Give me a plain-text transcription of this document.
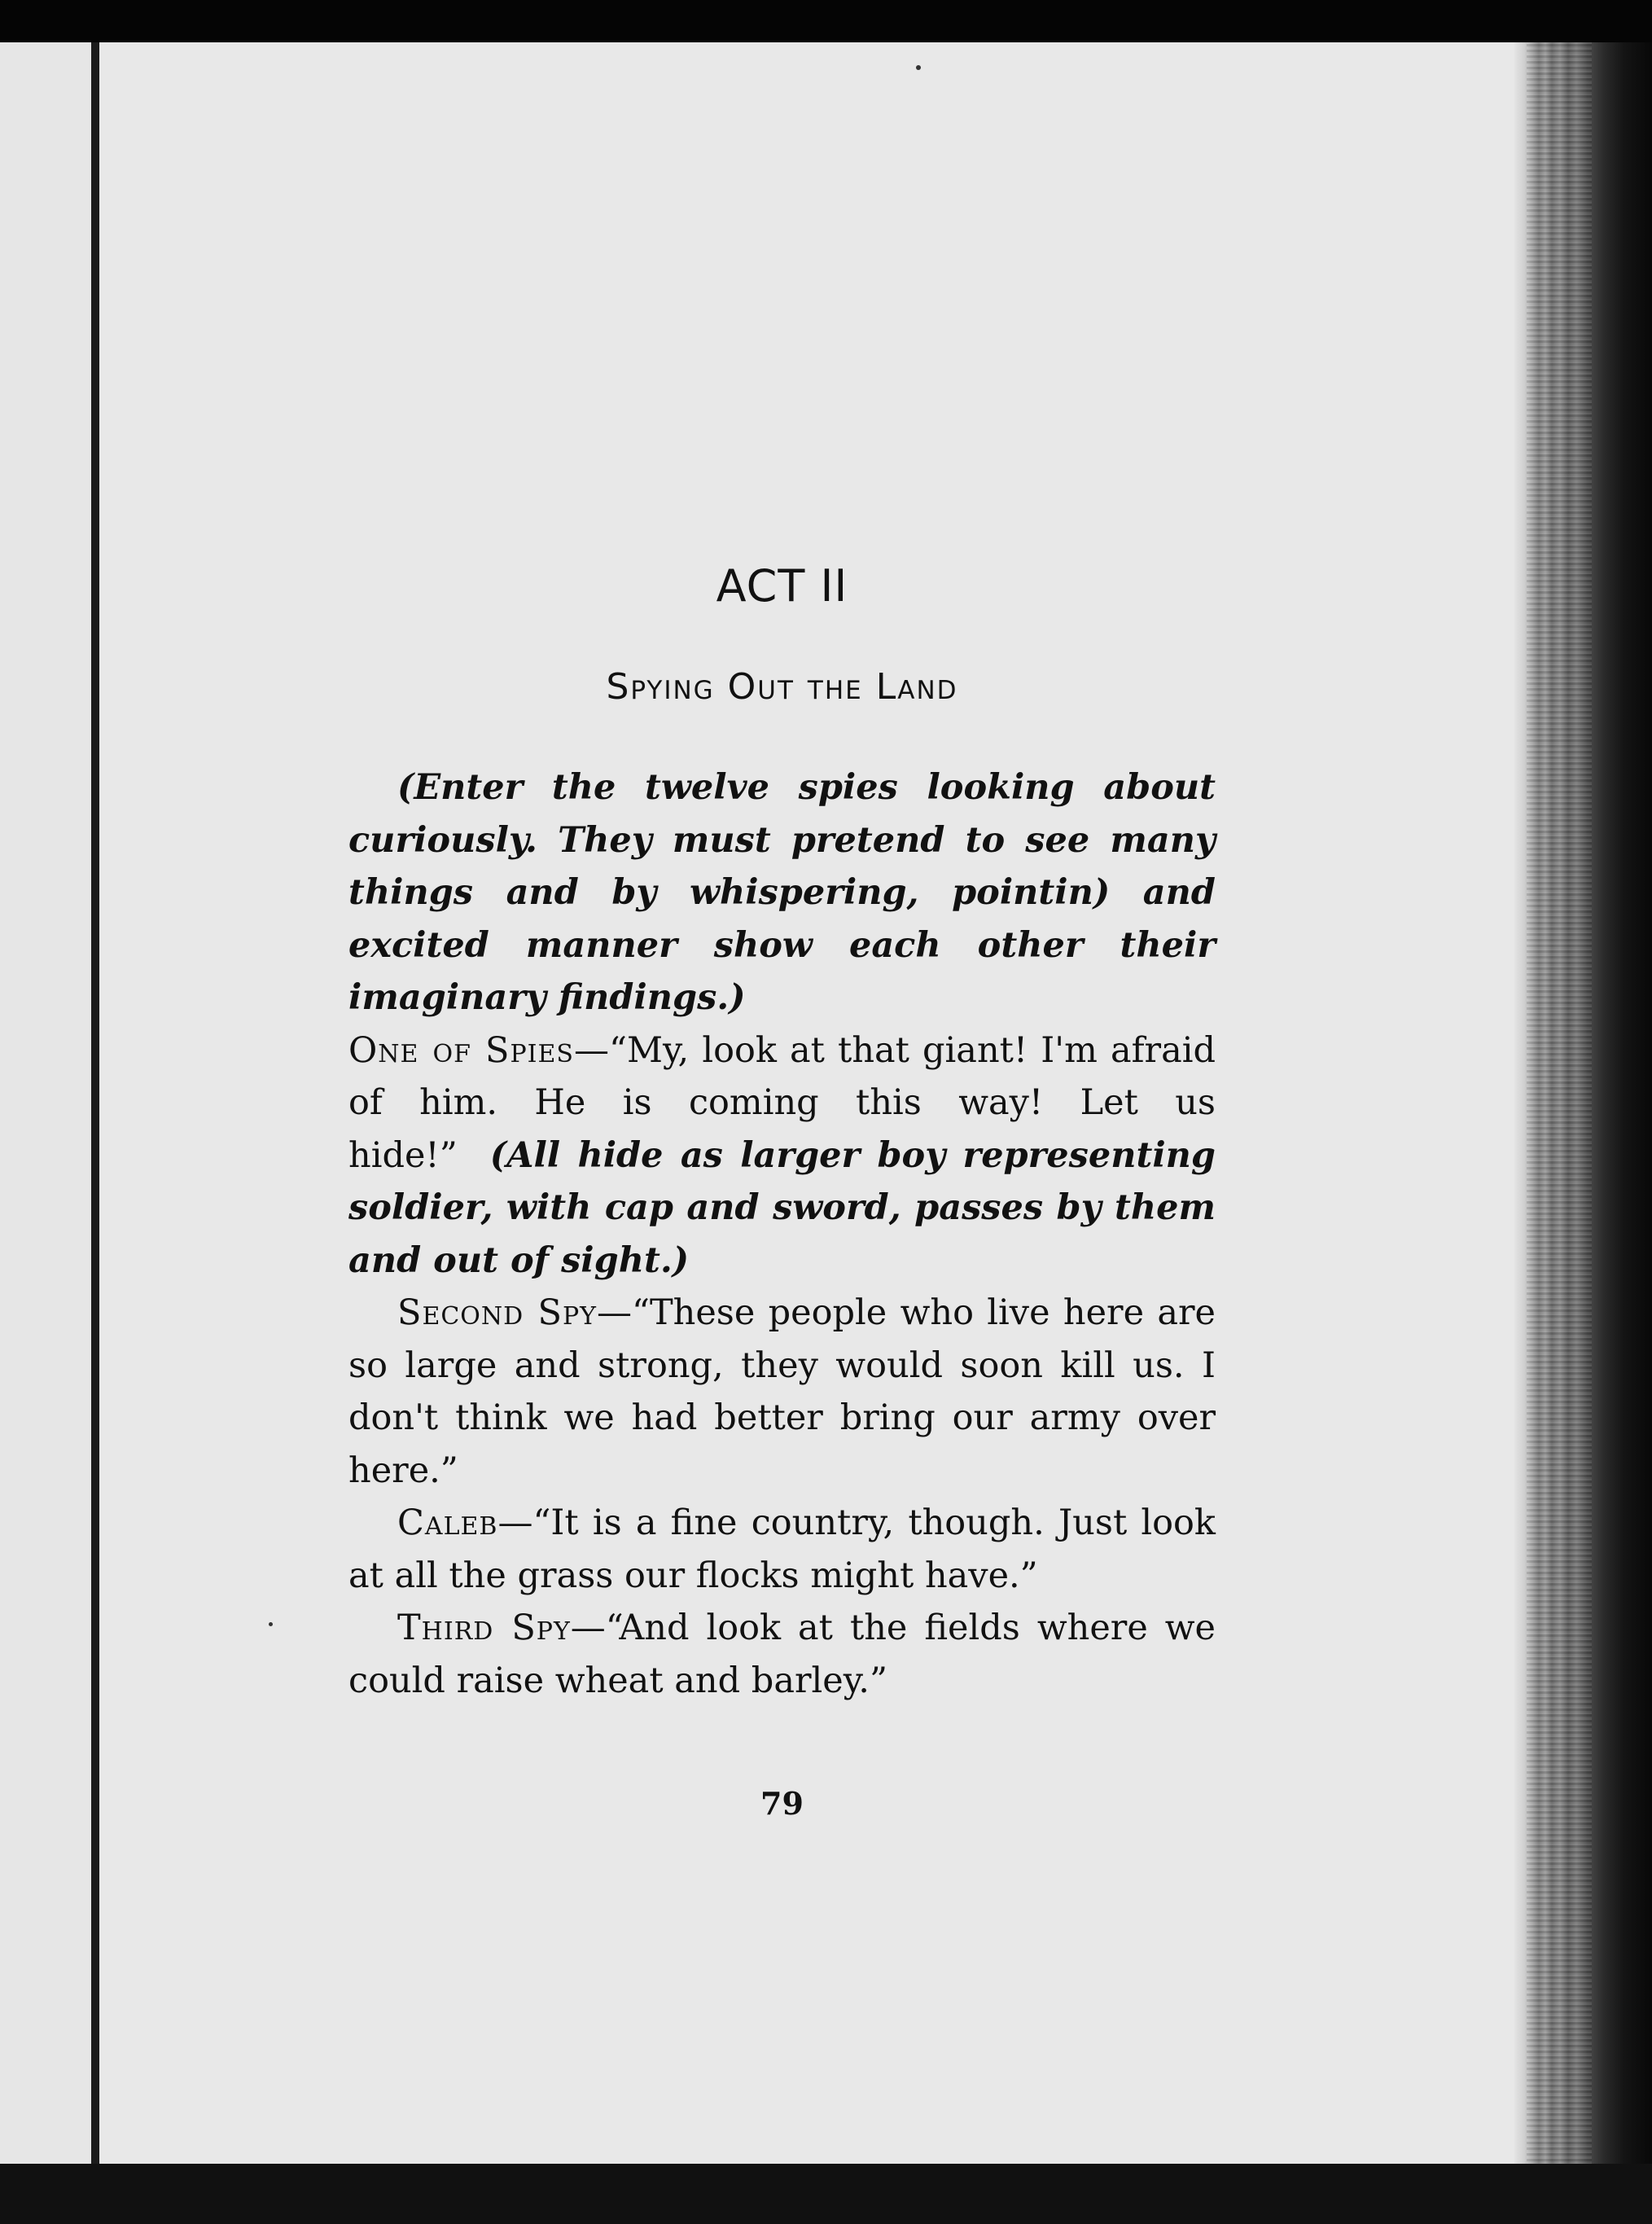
ACT II
Spying Out the Land

(Enter the twelve spies looking about curiously. They must pretend to see many things and by whispering, pointin) and excited manner show each other their imaginary findings.)

One of Spies—“My, look at that giant! I'm afraid of him. He is coming this way! Let us hide!” (All hide as larger boy representing soldier, with cap and sword, passes by them and out of sight.)

Second Spy—“These people who live here are so large and strong, they would soon kill us. I don't think we had better bring our army over here.”

Caleb—“It is a fine country, though. Just look at all the grass our flocks might have.”

Third Spy—“And look at the fields where we could raise wheat and barley.”

79
